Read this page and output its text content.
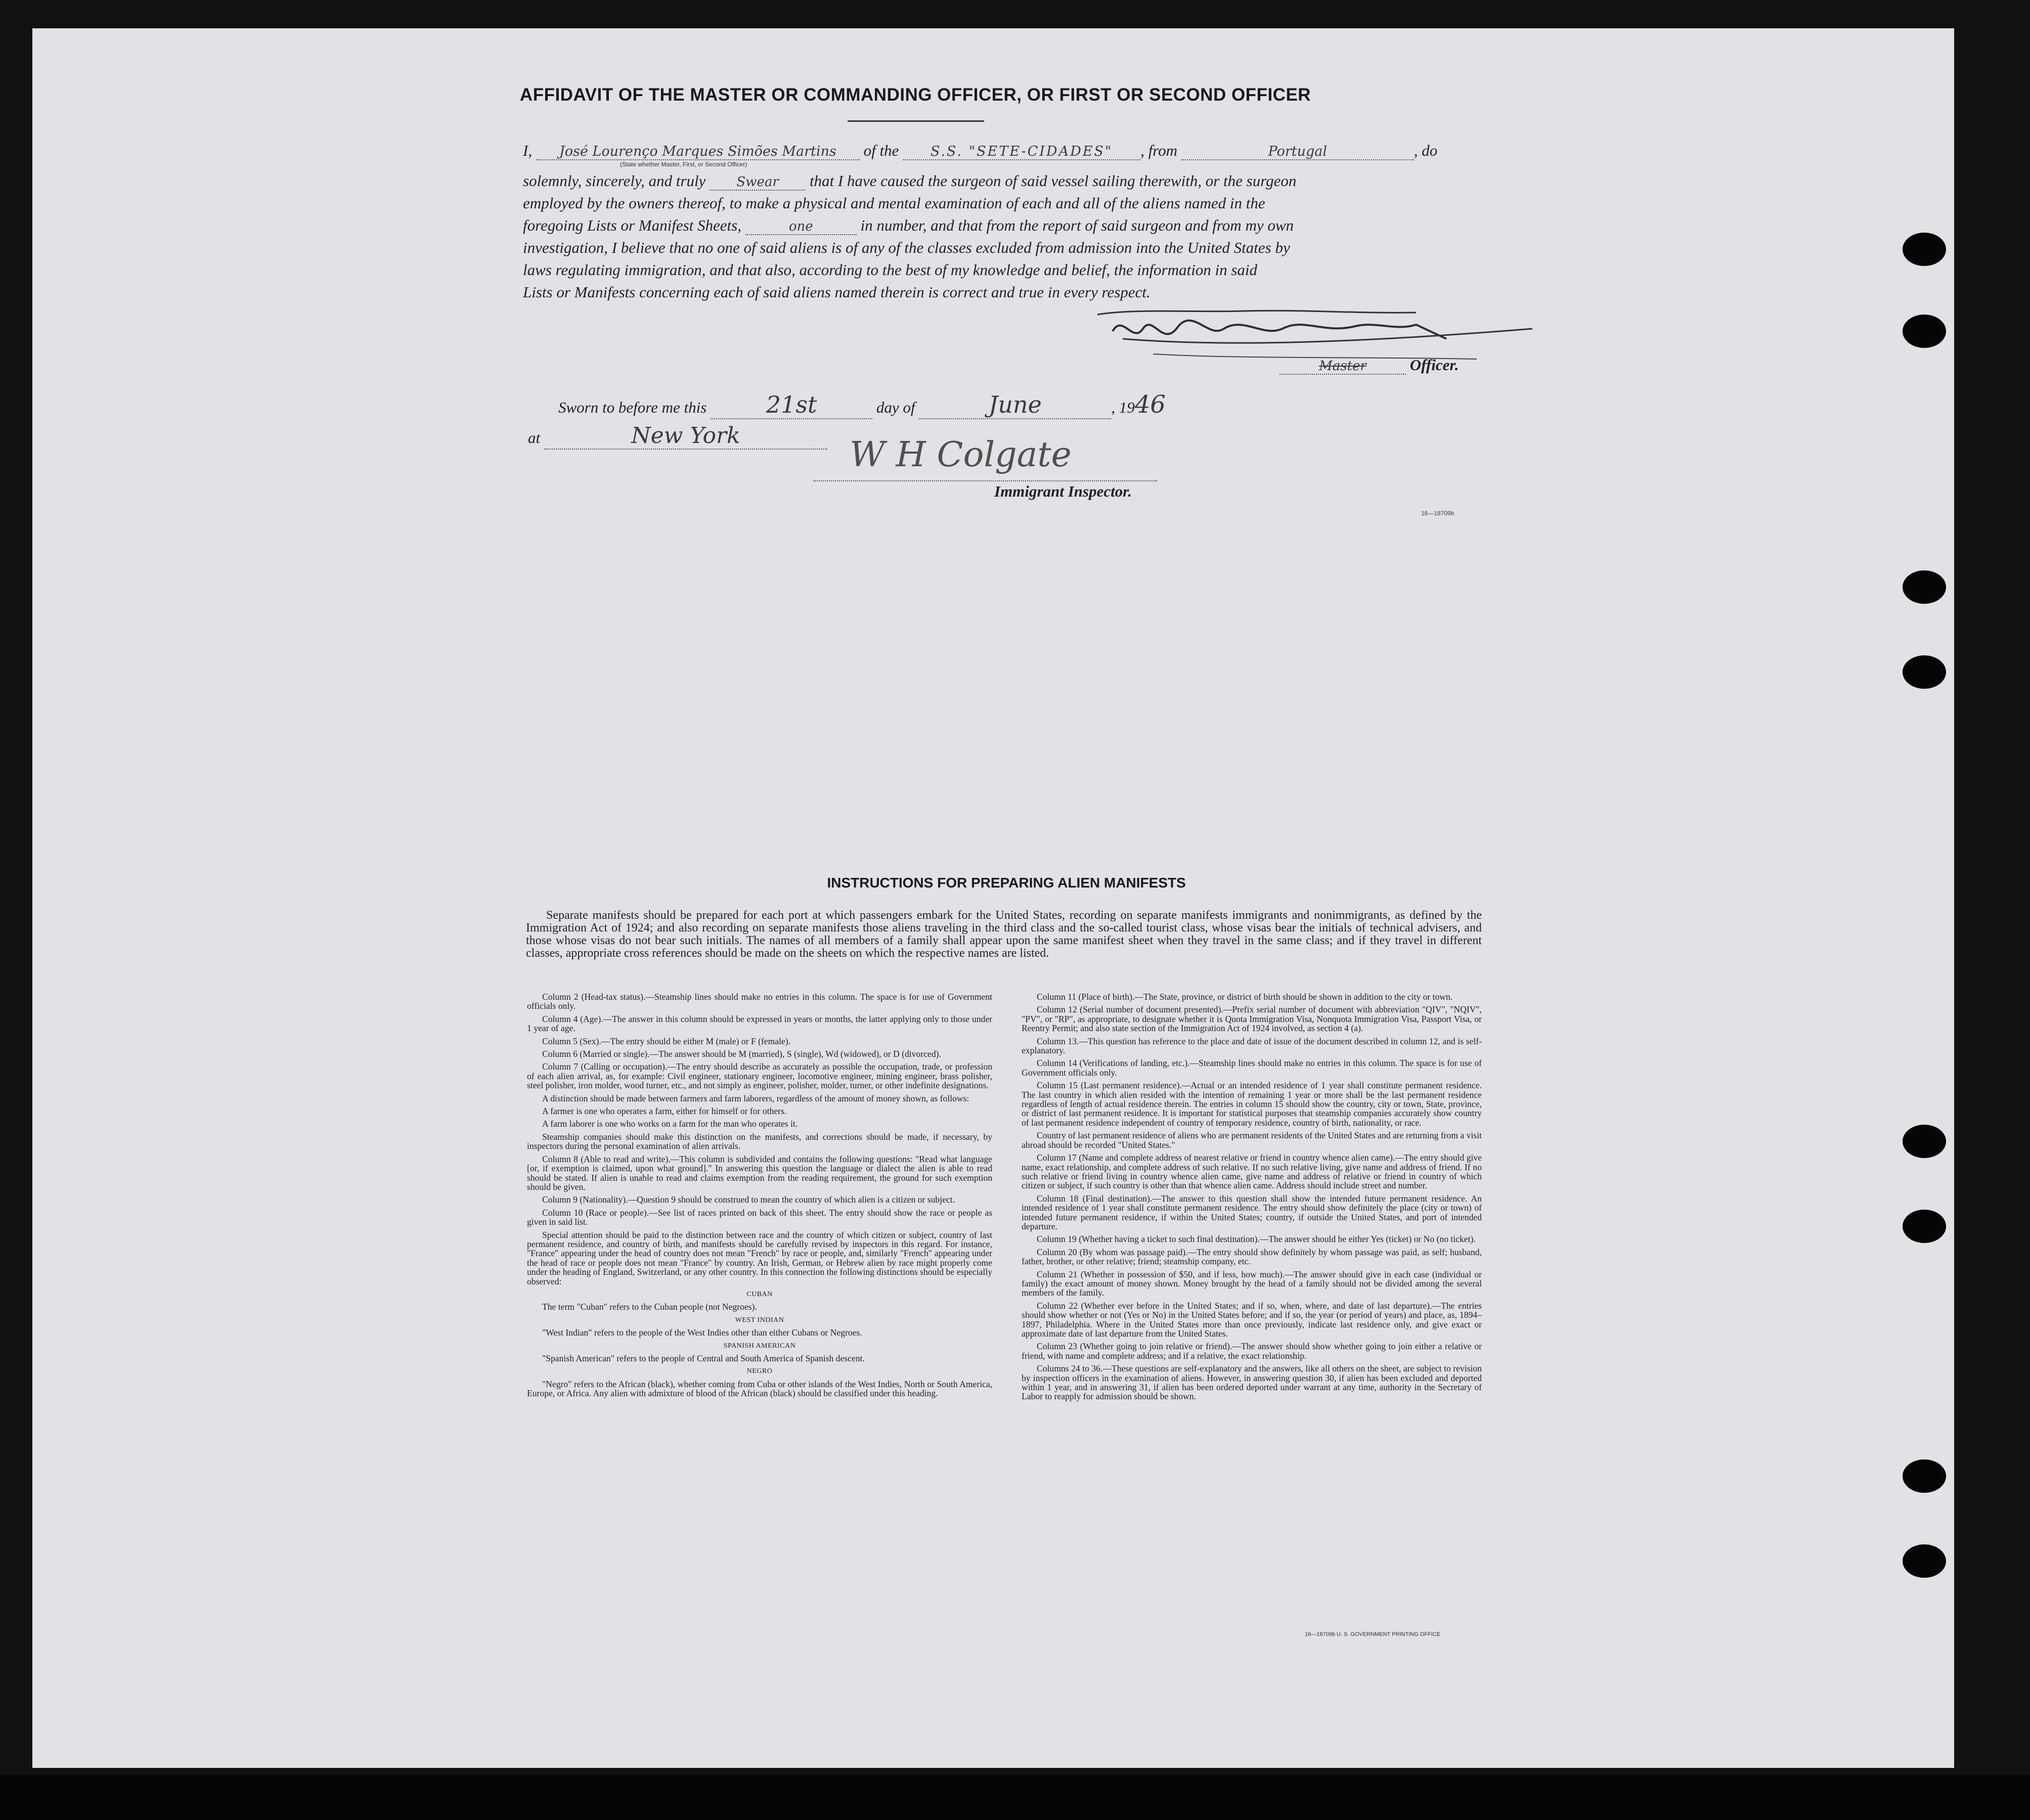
AFFIDAVIT OF THE MASTER OR COMMANDING OFFICER, OR FIRST OR SECOND OFFICER
I, José Lourenço Marques Simões Martins of the S.S. "SETE-CIDADES" , from	Portugal	, do
(State whether Master, First, or Second Officer)
solemnly, sincerely, and truly Swear that I have caused the surgeon of said vessel sailing therewith, or the surgeon
employed by the owners thereof, to make a physical and mental examination of each and all of the aliens named in the
foregoing Lists or Manifest Sheets,	one	in number, and that from the report of said surgeon and from my own
investigation, I believe that no one of said aliens is of any of the classes excluded from admission into the United States by
laws regulating immigration, and that also, according to the best of my knowledge and belief, the information in said
Lists or Manifests concerning each of said aliens named therein is correct and true in every respect.
Master	Officer.
Sworn to before me this	21st	day of	June	, 1946
at	New York	W H Colgate
Immigrant Inspector.
16—18709b
INSTRUCTIONS FOR PREPARING ALIEN MANIFESTS
Separate manifests should be prepared for each port at which passengers embark for the United States, recording on separate manifests immigrants and nonimmigrants, as defined by the Immigration Act of 1924; and also recording on separate manifests those aliens traveling in the third class and the so-called tourist class, whose visas bear the initials of technical advisers, and those whose visas do not bear such initials. The names of all members of a family shall appear upon the same manifest sheet when they travel in the same class; and if they travel in different classes, appropriate cross references should be made on the sheets on which the respective names are listed.

Column 2 (Head-tax status).—Steamship lines should make no entries in this column. The space is for use of Government officials only.

Column 4 (Age).—The answer in this column should be expressed in years or months, the latter applying only to those under 1 year of age.

Column 5 (Sex).—The entry should be either M (male) or F (female).

Column 6 (Married or single).—The answer should be M (married), S (single), Wd (widowed), or D (divorced).

Column 7 (Calling or occupation).—The entry should describe as accurately as possible the occupation, trade, or profession of each alien arrival, as, for example: Civil engineer, stationary engineer, locomotive engineer, mining engineer, brass polisher, steel polisher, iron molder, wood turner, etc., and not simply as engineer, polisher, molder, turner, or other indefinite designations.

A distinction should be made between farmers and farm laborers, regardless of the amount of money shown, as follows:

A farmer is one who operates a farm, either for himself or for others.

A farm laborer is one who works on a farm for the man who operates it.

Steamship companies should make this distinction on the manifests, and corrections should be made, if necessary, by inspectors during the personal examination of alien arrivals.

Column 8 (Able to read and write).—This column is subdivided and contains the following questions: "Read what language [or, if exemption is claimed, upon what ground]." In answering this question the language or dialect the alien is able to read should be stated. If alien is unable to read and claims exemption from the reading requirement, the ground for such exemption should be given.

Column 9 (Nationality).—Question 9 should be construed to mean the country of which alien is a citizen or subject.

Column 10 (Race or people).—See list of races printed on back of this sheet. The entry should show the race or people as given in said list.

Special attention should be paid to the distinction between race and the country of which citizen or subject, country of last permanent residence, and country of birth, and manifests should be carefully revised by inspectors in this regard. For instance, "France" appearing under the head of country does not mean "French" by race or people, and, similarly "French" appearing under the head of race or people does not mean "France" by country. An Irish, German, or Hebrew alien by race might properly come under the heading of England, Switzerland, or any other country. In this connection the following distinctions should be especially observed:

CUBAN

The term "Cuban" refers to the Cuban people (not Negroes).

WEST INDIAN

"West Indian" refers to the people of the West Indies other than either Cubans or Negroes.

SPANISH AMERICAN

"Spanish American" refers to the people of Central and South America of Spanish descent.

NEGRO

"Negro" refers to the African (black), whether coming from Cuba or other islands of the West Indies, North or South America, Europe, or Africa. Any alien with admixture of blood of the African (black) should be classified under this heading.

Column 11 (Place of birth).—The State, province, or district of birth should be shown in addition to the city or town.

Column 12 (Serial number of document presented).—Prefix serial number of document with abbreviation "QIV", "NQIV", "PV", or "RP", as appropriate, to designate whether it is Quota Immigration Visa, Nonquota Immigration Visa, Passport Visa, or Reentry Permit; and also state section of the Immigration Act of 1924 involved, as section 4 (a).

Column 13.—This question has reference to the place and date of issue of the document described in column 12, and is self-explanatory.

Column 14 (Verifications of landing, etc.).—Steamship lines should make no entries in this column. The space is for use of Government officials only.

Column 15 (Last permanent residence).—Actual or an intended residence of 1 year shall constitute permanent residence. The last country in which alien resided with the intention of remaining 1 year or more shall be the last permanent residence regardless of length of actual residence therein. The entries in column 15 should show the country, city or town, State, province, or district of last permanent residence. It is important for statistical purposes that steamship companies accurately show country of last permanent residence independent of country of temporary residence, country of birth, nationality, or race.

Country of last permanent residence of aliens who are permanent residents of the United States and are returning from a visit abroad should be recorded "United States."

Column 17 (Name and complete address of nearest relative or friend in country whence alien came).—The entry should give name, exact relationship, and complete address of such relative. If no such relative living, give name and address of friend. If no such relative or friend living in country whence alien came, give name and address of relative or friend in country of which citizen or subject, if such country is other than that whence alien came. Address should include street and number.

Column 18 (Final destination).—The answer to this question shall show the intended future permanent residence. An intended residence of 1 year shall constitute permanent residence. The entry should show definitely the place (city or town) of intended future permanent residence, if within the United States; country, if outside the United States, and port of intended departure.

Column 19 (Whether having a ticket to such final destination).—The answer should be either Yes (ticket) or No (no ticket).

Column 20 (By whom was passage paid).—The entry should show definitely by whom passage was paid, as self; husband, father, brother, or other relative; friend; steamship company, etc.

Column 21 (Whether in possession of $50, and if less, how much).—The answer should give in each case (individual or family) the exact amount of money shown. Money brought by the head of a family should not be divided among the several members of the family.

Column 22 (Whether ever before in the United States; and if so, when, where, and date of last departure).—The entries should show whether or not (Yes or No) in the United States before; and if so, the year (or period of years) and place, as, 1894–1897, Philadelphia. Where in the United States more than once previously, indicate last residence only, and give exact or approximate date of last departure from the United States.

Column 23 (Whether going to join relative or friend).—The answer should show whether going to join either a relative or friend, with name and complete address; and if a relative, the exact relationship.

Columns 24 to 36.—These questions are self-explanatory and the answers, like all others on the sheet, are subject to revision by inspection officers in the examination of aliens. However, in answering question 30, if alien has been excluded and deported within 1 year, and in answering 31, if alien has been ordered deported under warrant at any time, authority in the Secretary of Labor to reapply for admission should be shown.

16—18709b U. S. GOVERNMENT PRINTING OFFICE
